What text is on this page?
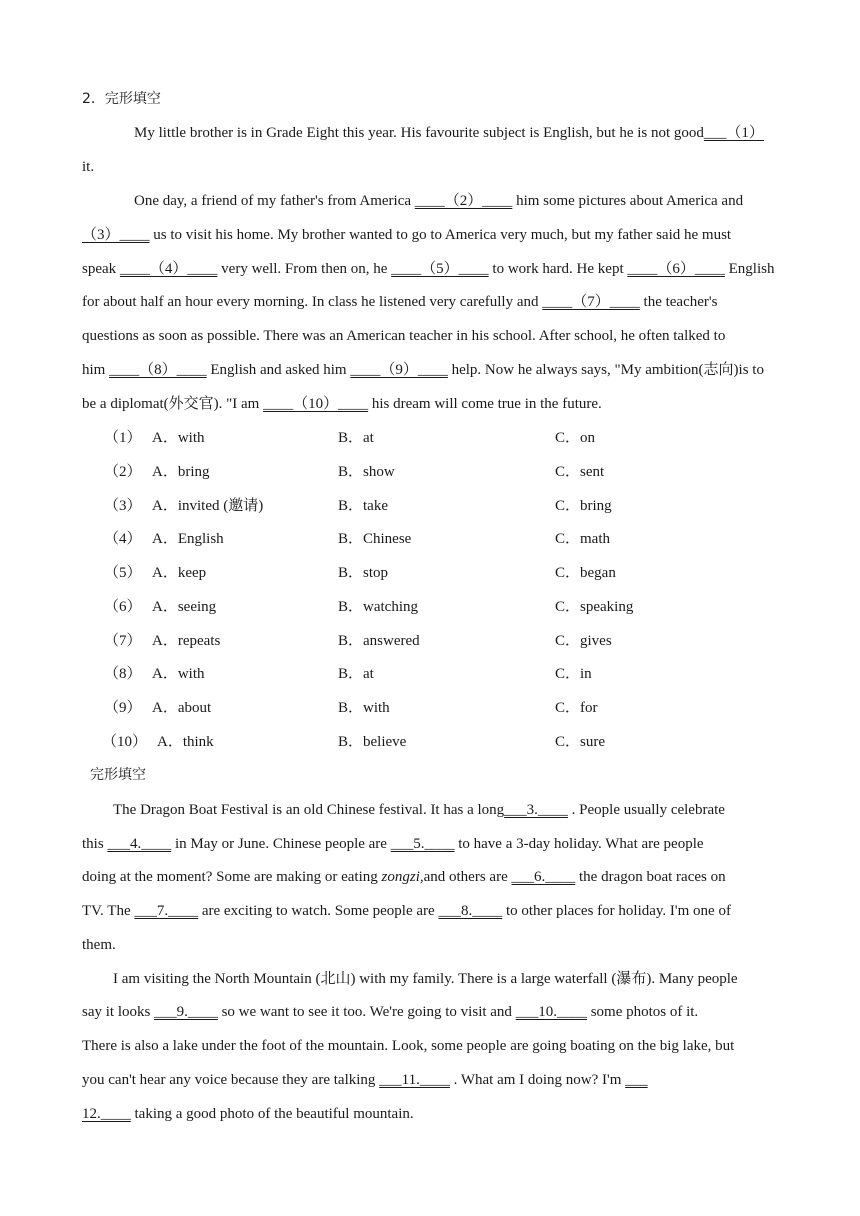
2．完形填空
My little brother is in Grade Eight this year. His favourite subject is English, but he is not good___（1）
it.
One day, a friend of my father's from America ____（2）____ him some pictures about America and
（3）____ us to visit his home. My brother wanted to go to America very much, but my father said he must
speak ____（4）____ very well. From then on, he ____（5）____ to work hard. He kept ____（6）____ English
for about half an hour every morning. In class he listened very carefully and ____（7）____ the teacher's
questions as soon as possible. There was an American teacher in his school. After school, he often talked to
him ____（8）____ English and asked him ____（9）____ help. Now he always says, "My ambition(志向)is to
be a diplomat(外交官). "I am ____（10）____ his dream will come true in the future.
（1） A．with	B．at	C．on
（2） A．bring	B．show	C．sent
（3） A．invited (邀请)	B．take	C．bring
（4） A．English	B．Chinese	C．math
（5） A．keep	B．stop	C．began
（6） A．seeing	B．watching	C．speaking
（7） A．repeats	B．answered	C．gives
（8） A．with	B．at	C．in
（9） A．about	B．with	C．for
（10） A．think	B．believe	C．sure
完形填空
The Dragon Boat Festival is an old Chinese festival. It has a long___3.____ . People usually celebrate
this ___4.____ in May or June. Chinese people are ___5.____ to have a 3-day holiday. What are people
doing at the moment? Some are making or eating zongzi,and others are ___6.____ the dragon boat races on
TV. The ___7.____ are exciting to watch. Some people are ___8.____ to other places for holiday. I'm one of
them.
I am visiting the North Mountain (北山) with my family. There is a large waterfall (瀑布). Many people
say it looks ___9.____ so we want to see it too. We're going to visit and ___10.____ some photos of it.
There is also a lake under the foot of the mountain. Look, some people are going boating on the big lake, but
you can't hear any voice because they are talking ___11.____ . What am I doing now? I'm ___
12.____ taking a good photo of the beautiful mountain.
